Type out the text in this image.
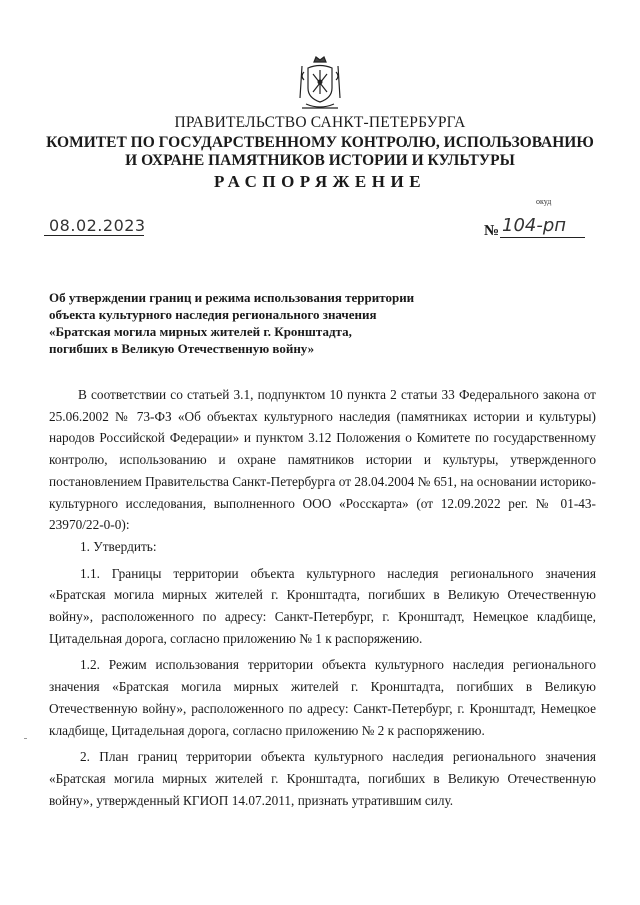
ПРАВИТЕЛЬСТВО САНКТ-ПЕТЕРБУРГА
КОМИТЕТ ПО ГОСУДАРСТВЕННОМУ КОНТРОЛЮ, ИСПОЛЬЗОВАНИЮ
И ОХРАНЕ ПАМЯТНИКОВ ИСТОРИИ И КУЛЬТУРЫ
РАСПОРЯЖЕНИЕ
окуд
08.02.2023	№ 104-рп
Об утверждении границ и режима использования территории
объекта культурного наследия регионального значения
«Братская могила мирных жителей г. Кронштадта,
погибших в Великую Отечественную войну»

В соответствии со статьей 3.1, подпунктом 10 пункта 2 статьи 33 Федерального закона от 25.06.2002 № 73-ФЗ «Об объектах культурного наследия (памятниках истории и культуры) народов Российской Федерации» и пунктом 3.12 Положения о Комитете по государственному контролю, использованию и охране памятников истории и культуры, утвержденного постановлением Правительства Санкт-Петербурга от 28.04.2004 № 651, на основании историко-культурного исследования, выполненного ООО «Росскарта» (от 12.09.2022 рег. № 01-43-23970/22-0-0):

1. Утвердить:

1.1. Границы территории объекта культурного наследия регионального значения «Братская могила мирных жителей г. Кронштадта, погибших в Великую Отечественную войну», расположенного по адресу: Санкт-Петербург, г. Кронштадт, Немецкое кладбище, Цитадельная дорога, согласно приложению № 1 к распоряжению.

1.2. Режим использования территории объекта культурного наследия регионального значения «Братская могила мирных жителей г. Кронштадта, погибших в Великую Отечественную войну», расположенного по адресу: Санкт-Петербург, г. Кронштадт, Немецкое кладбище, Цитадельная дорога, согласно приложению № 2 к распоряжению.

2. План границ территории объекта культурного наследия регионального значения «Братская могила мирных жителей г. Кронштадта, погибших в Великую Отечественную войну», утвержденный КГИОП 14.07.2011, признать утратившим силу.
